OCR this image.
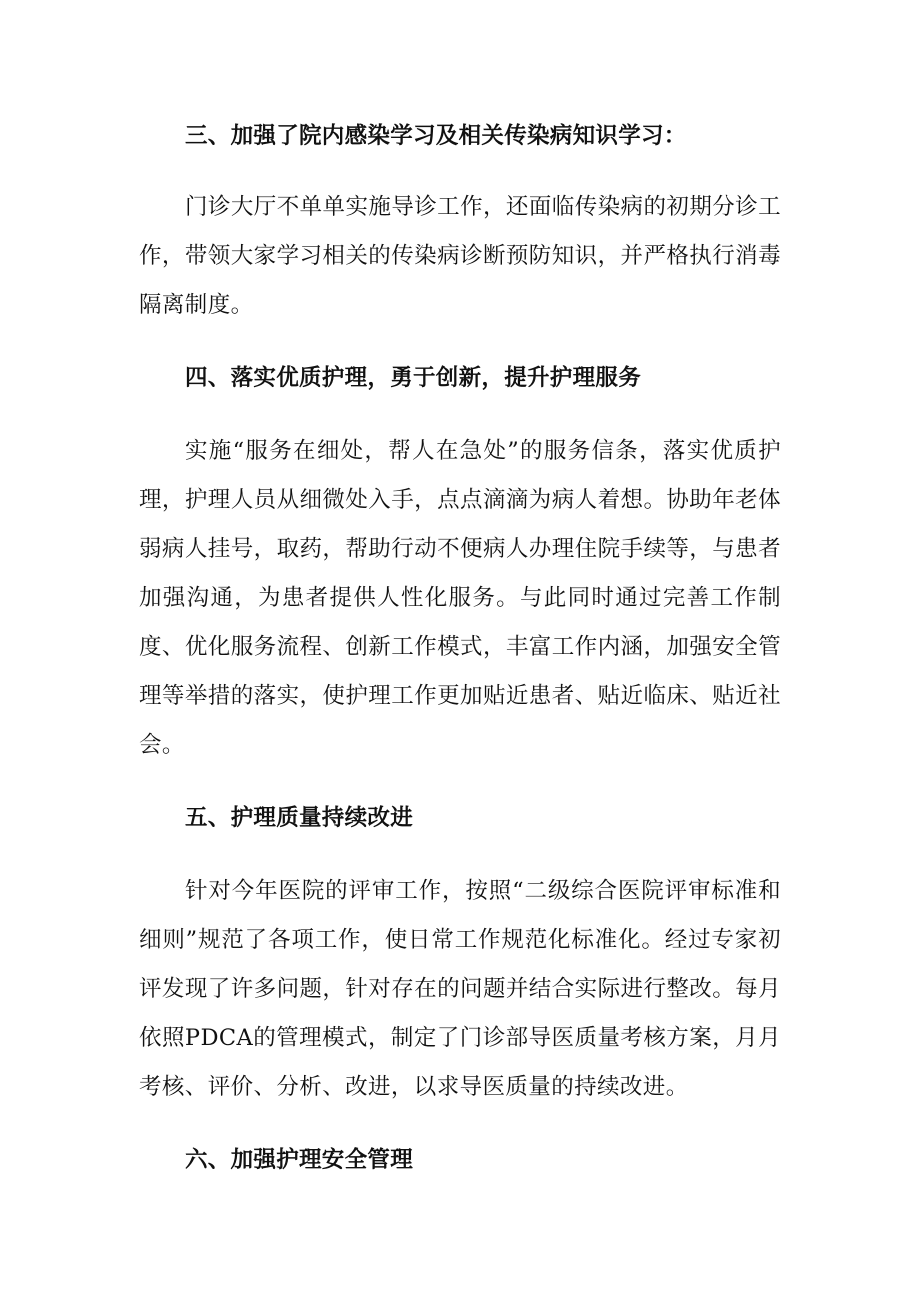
三、加强了院内感染学习及相关传染病知识学习：

门诊大厅不单单实施导诊工作，还面临传染病的初期分诊工作，带领大家学习相关的传染病诊断预防知识，并严格执行消毒隔离制度。

四、落实优质护理，勇于创新，提升护理服务

实施“服务在细处，帮人在急处”的服务信条，落实优质护理，护理人员从细微处入手，点点滴滴为病人着想。协助年老体弱病人挂号，取药，帮助行动不便病人办理住院手续等，与患者加强沟通，为患者提供人性化服务。与此同时通过完善工作制度、优化服务流程、创新工作模式，丰富工作内涵，加强安全管理等举措的落实，使护理工作更加贴近患者、贴近临床、贴近社会。

五、护理质量持续改进

针对今年医院的评审工作，按照“二级综合医院评审标准和细则”规范了各项工作，使日常工作规范化标准化。经过专家初评发现了许多问题，针对存在的问题并结合实际进行整改。每月依照PDCA的管理模式，制定了门诊部导医质量考核方案，月月考核、评价、分析、改进，以求导医质量的持续改进。

六、加强护理安全管理
